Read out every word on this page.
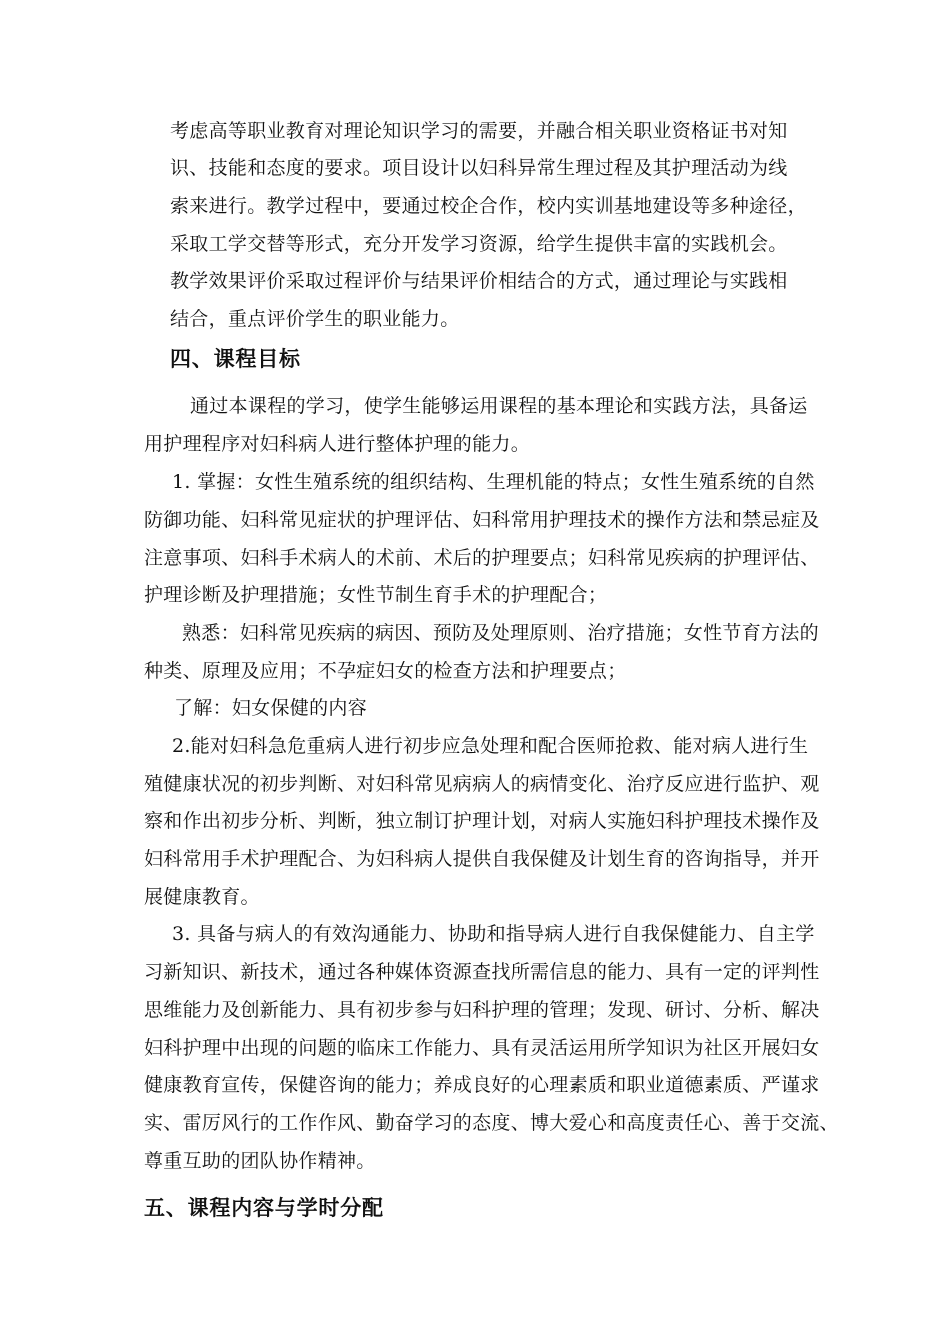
考虑高等职业教育对理论知识学习的需要，并融合相关职业资格证书对知
识、技能和态度的要求。项目设计以妇科异常生理过程及其护理活动为线
索来进行。教学过程中，要通过校企合作，校内实训基地建设等多种途径，
采取工学交替等形式，充分开发学习资源，给学生提供丰富的实践机会。
教学效果评价采取过程评价与结果评价相结合的方式，通过理论与实践相
结合，重点评价学生的职业能力。
四、课程目标
通过本课程的学习，使学生能够运用课程的基本理论和实践方法，具备运
用护理程序对妇科病人进行整体护理的能力。
1. 掌握：女性生殖系统的组织结构、生理机能的特点；女性生殖系统的自然
防御功能、妇科常见症状的护理评估、妇科常用护理技术的操作方法和禁忌症及
注意事项、妇科手术病人的术前、术后的护理要点；妇科常见疾病的护理评估、
护理诊断及护理措施；女性节制生育手术的护理配合；
熟悉：妇科常见疾病的病因、预防及处理原则、治疗措施；女性节育方法的
种类、原理及应用；不孕症妇女的检查方法和护理要点；
了解：妇女保健的内容
2.能对妇科急危重病人进行初步应急处理和配合医师抢救、能对病人进行生
殖健康状况的初步判断、对妇科常见病病人的病情变化、治疗反应进行监护、观
察和作出初步分析、判断，独立制订护理计划，对病人实施妇科护理技术操作及
妇科常用手术护理配合、为妇科病人提供自我保健及计划生育的咨询指导，并开
展健康教育。
3. 具备与病人的有效沟通能力、协助和指导病人进行自我保健能力、自主学
习新知识、新技术，通过各种媒体资源查找所需信息的能力、具有一定的评判性
思维能力及创新能力、具有初步参与妇科护理的管理；发现、研讨、分析、解决
妇科护理中出现的问题的临床工作能力、具有灵活运用所学知识为社区开展妇女
健康教育宣传，保健咨询的能力；养成良好的心理素质和职业道德素质、严谨求
实、雷厉风行的工作作风、勤奋学习的态度、博大爱心和高度责任心、善于交流、
尊重互助的团队协作精神。
五、课程内容与学时分配
